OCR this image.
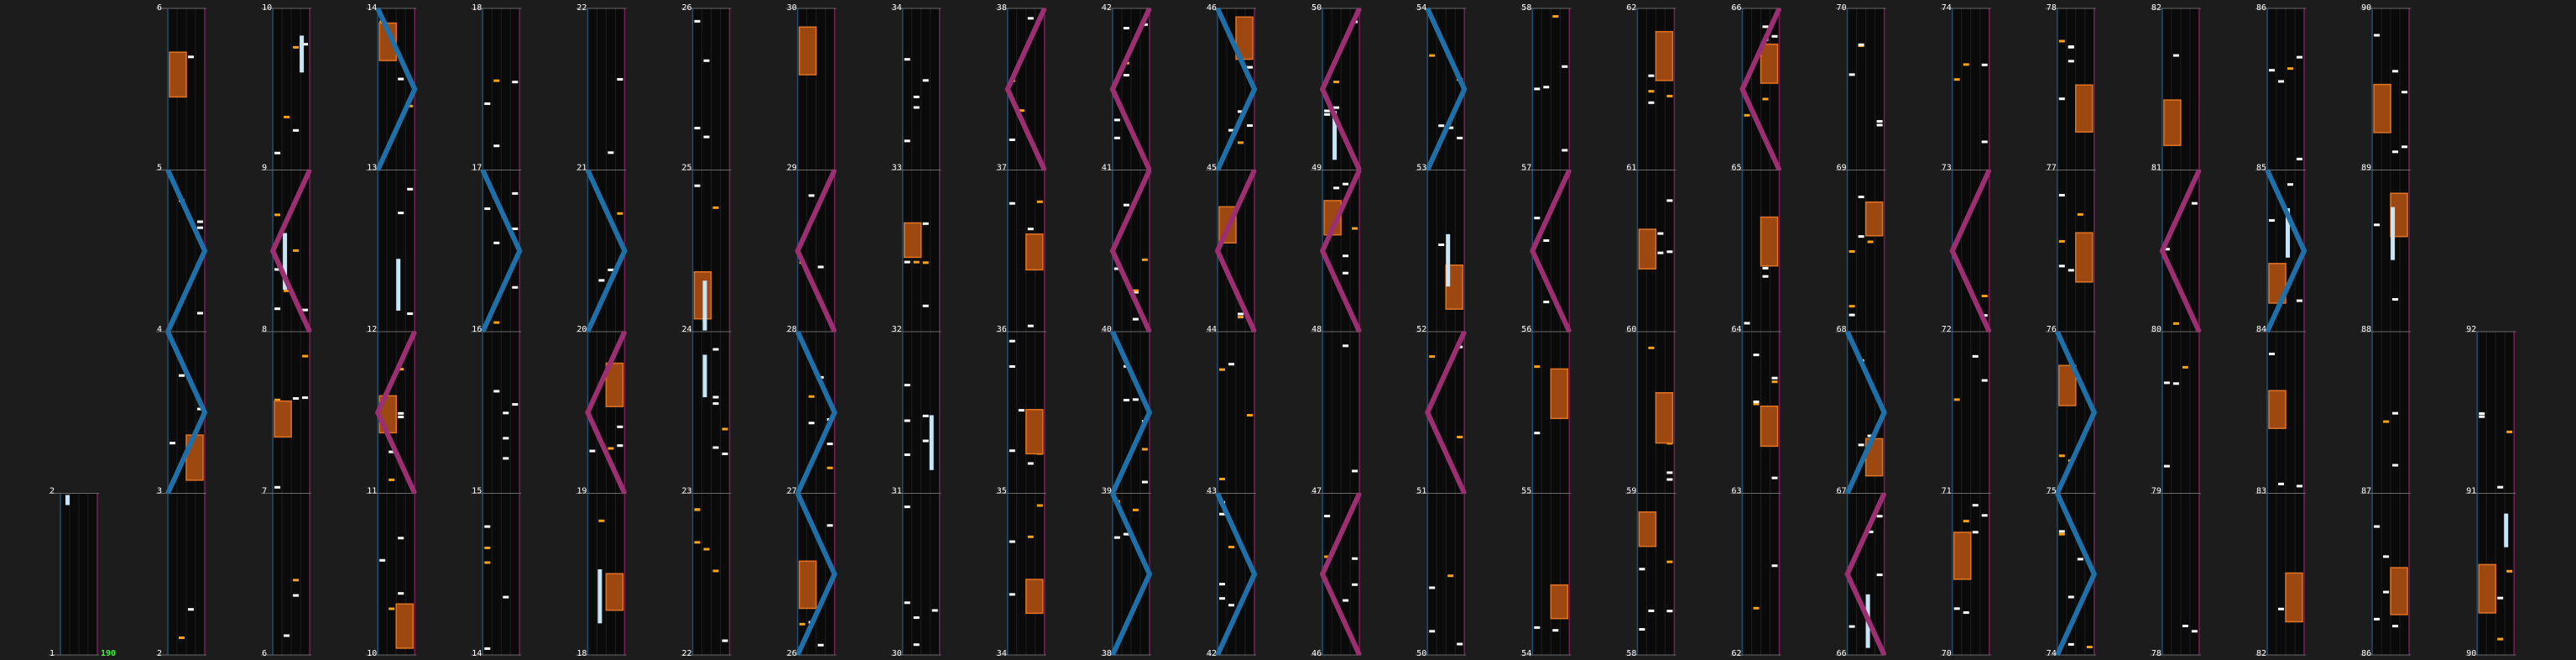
1
2
190	2
3
4
5
6
6
7
8
9
10
10
11
12
13
14
14
15
16
17
18
18
19
20
21
22
22
23
24
25
26
26
27
28
29
30
30
31
32
33
34
34
35
36
37
38
38
39
40
41
42
42
43
44
45
46
46
47
48
49
50
50
51
52
53
54
54
55
56
57
58
58
59
60
61
62
62
63
64
65
66
66
67
68
69
70
70
71
72
73
74
74
75
76
77
78
78
79
80
81
82
82
83
84
85
86
86
87
88
89
90
90
91
92
